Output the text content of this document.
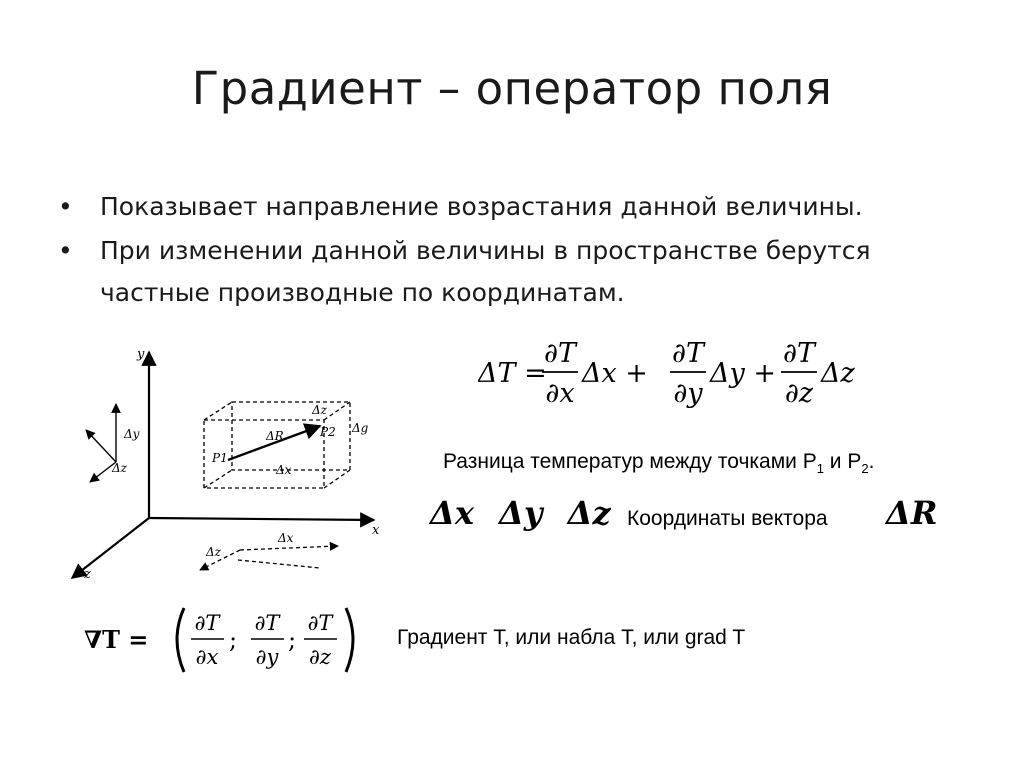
Градиент – оператор поля
• Показывает направление возрастания данной величины.
• При изменении данной величины в пространстве берутся частные производные по координатам.
ΔT =
∂T
∂x
Δx +
∂T
∂y
Δy +
∂T
∂z
Δz
Разница температур между точками $P_1$ и $P_2$.
Δx Δy Δz Координаты вектора ΔR
∇T =
∂T
∂x
;
∂T
∂y
;
∂T
∂z
Градиент T, или набла T, или grad T
y
x
z
P1
P2
ΔR
Δx
Δg
Δz
Δy
Δz
Δx
Δz
